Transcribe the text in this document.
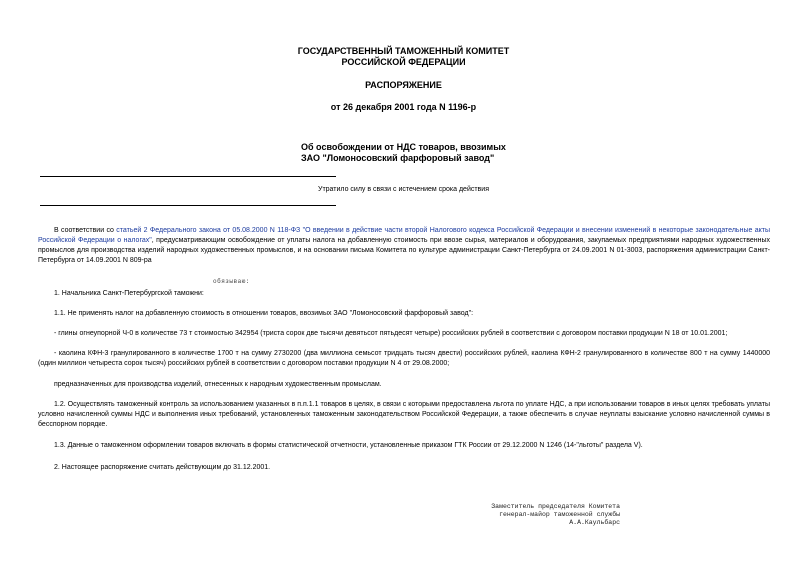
ГОСУДАРСТВЕННЫЙ ТАМОЖЕННЫЙ КОМИТЕТ
РОССИЙСКОЙ ФЕДЕРАЦИИ
РАСПОРЯЖЕНИЕ
от 26 декабря 2001 года N 1196-р
Об освобождении от НДС товаров, ввозимых
ЗАО "Ломоносовский фарфоровый завод"
Утратило силу в связи с истечением срока действия
В соответствии со статьей 2 Федерального закона от 05.08.2000 N 118-ФЗ "О введении в действие части второй Налогового кодекса Российской Федерации и внесении изменений в некоторые законодательные акты Российской Федерации о налогах", предусматривающим освобождение от уплаты налога на добавленную стоимость при ввозе сырья, материалов и оборудования, закупаемых предприятиями народных художественных промыслов для производства изделий народных художественных промыслов, и на основании письма Комитета по культуре администрации Санкт-Петербурга от 24.09.2001 N 01-3003, распоряжения администрации Санкт-Петербурга от 14.09.2001 N 809-ра
обязываю:
1. Начальника Санкт-Петербургской таможни:
1.1. Не применять налог на добавленную стоимость в отношении товаров, ввозимых ЗАО "Ломоносовский фарфоровый завод":
- глины огнеупорной Ч-0 в количестве 73 т стоимостью 342954 (триста сорок две тысячи девятьсот пятьдесят четыре) российских рублей в соответствии с договором поставки продукции N 18 от 10.01.2001;
- каолина КФН-3 гранулированного в количестве 1700 т на сумму 2730200 (два миллиона семьсот тридцать тысяч двести) российских рублей, каолина КФН-2 гранулированного в количестве 800 т на сумму 1440000 (один миллион четыреста сорок тысяч) российских рублей в соответствии с договором поставки продукции N 4 от 29.08.2000;
предназначенных для производства изделий, отнесенных к народным художественным промыслам.
1.2. Осуществлять таможенный контроль за использованием указанных в п.п.1.1 товаров в целях, в связи с которыми предоставлена льгота по уплате НДС, а при использовании товаров в иных целях требовать уплаты условно начисленной суммы НДС и выполнения иных требований, установленных таможенным законодательством Российской Федерации, а также обеспечить в случае неуплаты взыскание условно начисленной суммы в бесспорном порядке.
1.3. Данные о таможенном оформлении товаров включать в формы статистической отчетности, установленные приказом ГТК России от 29.12.2000 N 1246 (14-"льготы" раздела V).
2. Настоящее распоряжение считать действующим до 31.12.2001.
Заместитель председателя Комитета
генерал-майор таможенной службы
А.А.Каульбарс
